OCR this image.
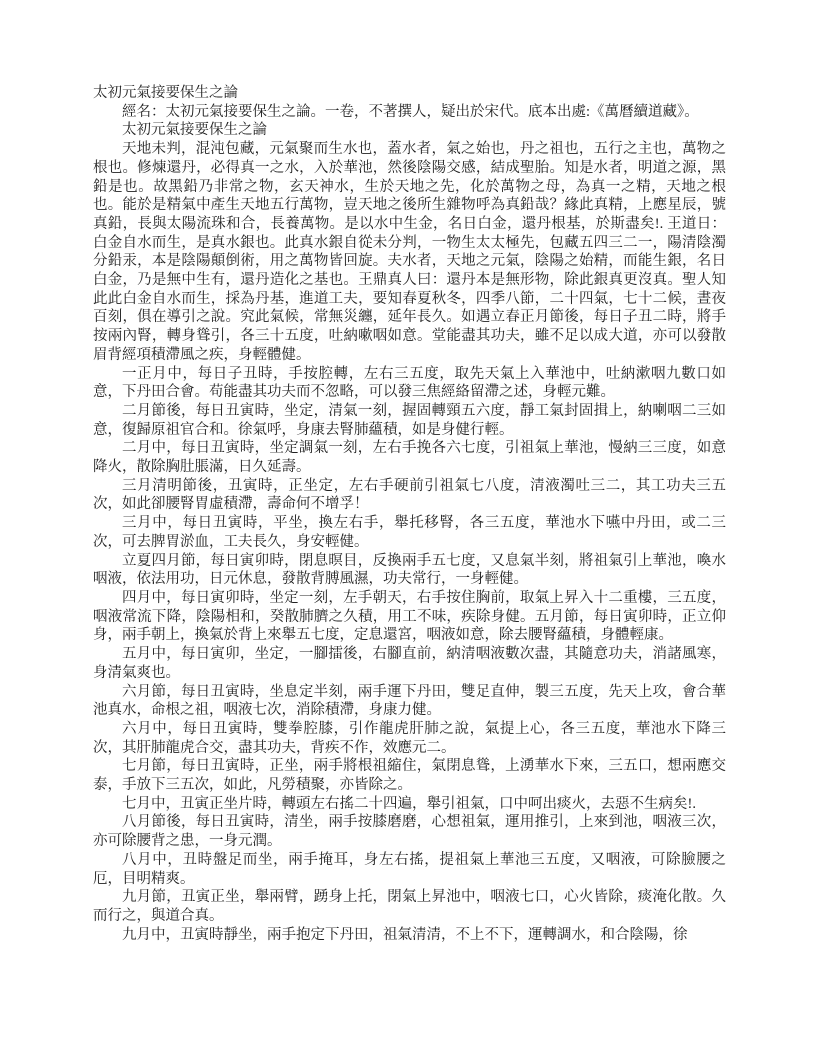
太初元氣接要保生之論

經名：太初元氣接要保生之論。一卷，不著撰人，疑出於宋代。底本出處:《萬曆續道藏》。

太初元氣接要保生之論

天地未判，混沌包藏，元氣聚而生水也，蓋水者，氣之始也，丹之祖也，五行之主也，萬物之根也。修煉還丹，必得真一之水，入於華池，然後陰陽交感，結成聖胎。知是水者，明道之源，黑鉛是也。故黑鉛乃非常之物，玄天神水，生於天地之先，化於萬物之母，為真一之精，天地之根也。能於是精氣中產生天地五行萬物，豈天地之後所生雜物呼為真鉛哉？緣此真精，上應星辰，號真鉛，長與太陽流珠和合，長養萬物。是以水中生金，名日白金，還丹根基，於斯盡矣!. 王道日：白金自水而生，是真水銀也。此真水銀自從未分判，一物生太太極先，包藏五四三二一，陽清陰濁分鉛汞，本是陰陽顛倒術，用之萬物皆回旋。夫水者，天地之元氣，陰陽之始精，而能生銀，名日白金，乃是無中生有，還丹造化之基也。王鼎真人曰：還丹本是無形物，除此銀真更沒真。聖人知此此白金自水而生，採為丹基，進道工夫，要知春夏秋冬，四季八節，二十四氣，七十二候，晝夜百刻，俱在導引之說。究此氣候，常無災纏，延年長久。如遇立春正月節後，每日子丑二時，將手按兩內腎，轉身聳引，各三十五度，吐納嗽咽如意。堂能盡其功夫，雖不足以成大道，亦可以發散眉背經項積滯風之疾，身輕體健。

一正月中，每日子丑時，手按腔轉，左右三五度，取先天氣上入華池中，吐納漱咽九數口如意，下丹田合會。苟能盡其功夫而不忽略，可以發三焦經絡留滯之述，身輕元難。

二月節後，每日丑寅時，坐定，清氣一刻，握固轉頸五六度，靜工氣封固揖上，納喇咽二三如意，復歸原祖官合和。徐氣呼，身康去腎肺蘊積，如是身健行輕。

二月中，每日丑寅時，坐定調氣一刻，左右手挽各六七度，引祖氣上華池，慢納三三度，如意降火，散除胸肚脹滿，日久延壽。

三月清明節後，丑寅時，正坐定，左右手硬前引祖氣七八度，清液濁吐三二，其工功夫三五次，如此卻腰腎胃虛積滯，壽命何不增孚！

三月中，每日丑寅時，平坐，換左右手，舉托移腎，各三五度，華池水下嚥中丹田，或二三次，可去脾胃淤血，工夫長久，身安輕健。

立夏四月節，每日寅卯時，閉息暝目，反換兩手五七度，又息氣半刻，將祖氣引上華池，喚水咽液，依法用功，日元休息，發散背膊風濕，功夫常行，一身輕健。

四月中，每日寅卯時，坐定一刻，左手朝天，右手按住胸前，取氣上昇入十二重樓，三五度，咽液常流下降，陰陽相和，癸散肺臍之久積，用工不味，疾除身健。五月節，每日寅卯時，正立仰身，兩手朝上，換氣於背上來舉五七度，定息還宮，咽液如意，除去腰腎蘊積，身體輕康。

五月中，每日寅卯，坐定，一腳擂後，右腳直前，納清咽液數次盡，其隨意功夫，消諸風寒，身清氣爽也。

六月節，每日丑寅時，坐息定半刻，兩手運下丹田，雙足直伸，製三五度，先天上攻，會合華池真水，命根之祖，咽液七次，消除積滯，身康力健。

六月中，每日丑寅時，雙拳腔膝，引作龍虎肝肺之說，氣提上心，各三五度，華池水下降三次，其肝肺龍虎合交，盡其功夫，背疾不作，效應元二。

七月節，每日丑寅時，正坐，兩手將根祖縮住，氣閉息聳，上湧華水下來，三五口，想兩應交泰，手放下三五次，如此，凡勞積聚，亦皆除之。

七月中，丑寅正坐片時，轉頭左右搖二十四遍，舉引祖氣，口中呵出痰火，去惡不生病矣!.

八月節後，每日丑寅時，清坐，兩手按膝磨磨，心想祖氣，運用推引，上來到池，咽液三次，亦可除腰背之患，一身元潤。

八月中，丑時盤足而坐，兩手掩耳，身左右搖，提祖氣上華池三五度，又咽液，可除臉腰之厄，目明精爽。

九月節，丑寅正坐，舉兩臂，踴身上托，閉氣上昇池中，咽液七口，心火皆除，痰淹化散。久而行之，與道合真。

九月中，丑寅時靜坐，兩手抱定下丹田，祖氣清清，不上不下，運轉調水，和合陰陽，徐
